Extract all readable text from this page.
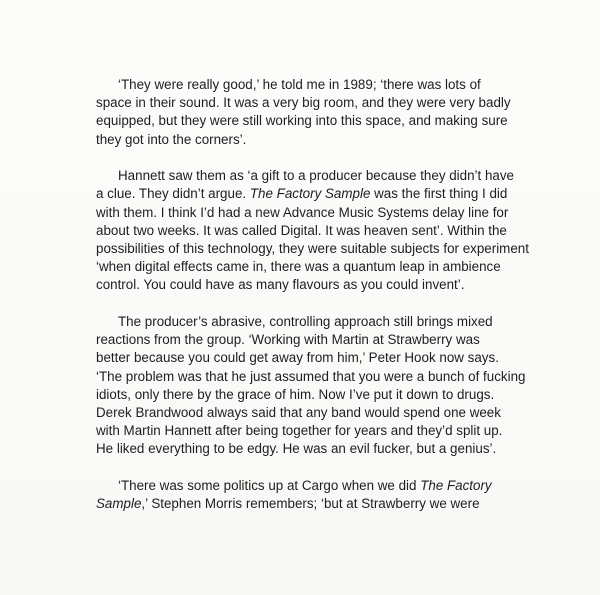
‘They were really good,’ he told me in 1989; ‘there was lots of
space in their sound. It was a very big room, and they were very badly
equipped, but they were still working into this space, and making sure
they got into the corners’.

Hannett saw them as ‘a gift to a producer because they didn’t have
a clue. They didn’t argue. The Factory Sample was the first thing I did
with them. I think I’d had a new Advance Music Systems delay line for
about two weeks. It was called Digital. It was heaven sent’. Within the
possibilities of this technology, they were suitable subjects for experiment
‘when digital effects came in, there was a quantum leap in ambience
control. You could have as many flavours as you could invent’.

The producer’s abrasive, controlling approach still brings mixed
reactions from the group. ‘Working with Martin at Strawberry was
better because you could get away from him,’ Peter Hook now says.
‘The problem was that he just assumed that you were a bunch of fucking
idiots, only there by the grace of him. Now I’ve put it down to drugs.
Derek Brandwood always said that any band would spend one week
with Martin Hannett after being together for years and they’d split up.
He liked everything to be edgy. He was an evil fucker, but a genius’.

‘There was some politics up at Cargo when we did The Factory
Sample,’ Stephen Morris remembers; ‘but at Strawberry we were
